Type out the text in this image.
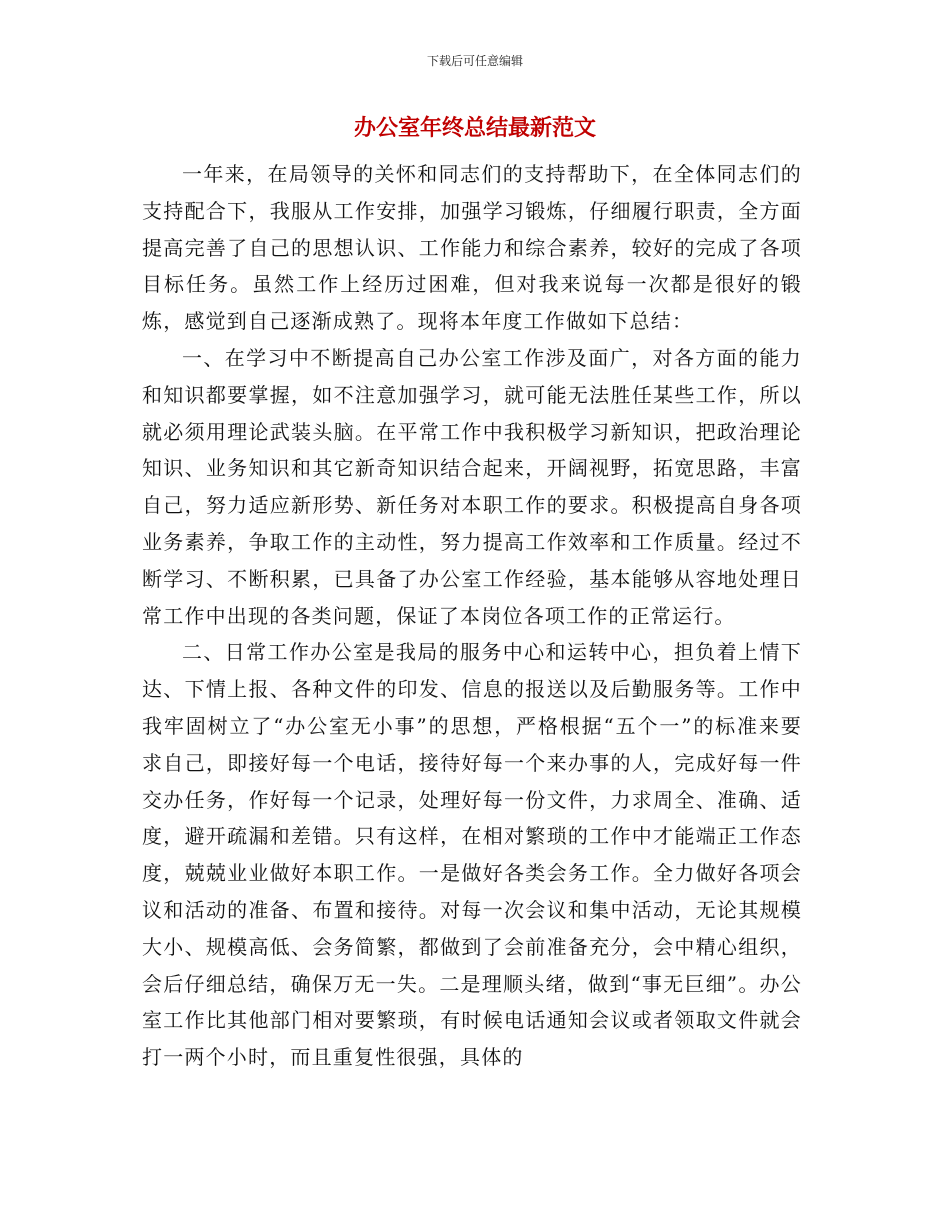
下载后可任意编辑
办公室年终总结最新范文

一年来，在局领导的关怀和同志们的支持帮助下，在全体同志们的支持配合下，我服从工作安排，加强学习锻炼，仔细履行职责，全方面提高完善了自己的思想认识、工作能力和综合素养，较好的完成了各项目标任务。虽然工作上经历过困难，但对我来说每一次都是很好的锻炼，感觉到自己逐渐成熟了。现将本年度工作做如下总结：

一、在学习中不断提高自己办公室工作涉及面广，对各方面的能力和知识都要掌握，如不注意加强学习，就可能无法胜任某些工作，所以就必须用理论武装头脑。在平常工作中我积极学习新知识，把政治理论知识、业务知识和其它新奇知识结合起来，开阔视野，拓宽思路，丰富自己，努力适应新形势、新任务对本职工作的要求。积极提高自身各项业务素养，争取工作的主动性，努力提高工作效率和工作质量。经过不断学习、不断积累，已具备了办公室工作经验，基本能够从容地处理日常工作中出现的各类问题，保证了本岗位各项工作的正常运行。

二、日常工作办公室是我局的服务中心和运转中心，担负着上情下达、下情上报、各种文件的印发、信息的报送以及后勤服务等。工作中我牢固树立了“办公室无小事”的思想，严格根据“五个一”的标准来要求自己，即接好每一个电话，接待好每一个来办事的人，完成好每一件交办任务，作好每一个记录，处理好每一份文件，力求周全、准确、适度，避开疏漏和差错。只有这样，在相对繁琐的工作中才能端正工作态度，兢兢业业做好本职工作。一是做好各类会务工作。全力做好各项会议和活动的准备、布置和接待。对每一次会议和集中活动，无论其规模大小、规模高低、会务简繁，都做到了会前准备充分，会中精心组织，会后仔细总结，确保万无一失。二是理顺头绪，做到“事无巨细”。办公室工作比其他部门相对要繁琐，有时候电话通知会议或者领取文件就会打一两个小时，而且重复性很强，具体的
